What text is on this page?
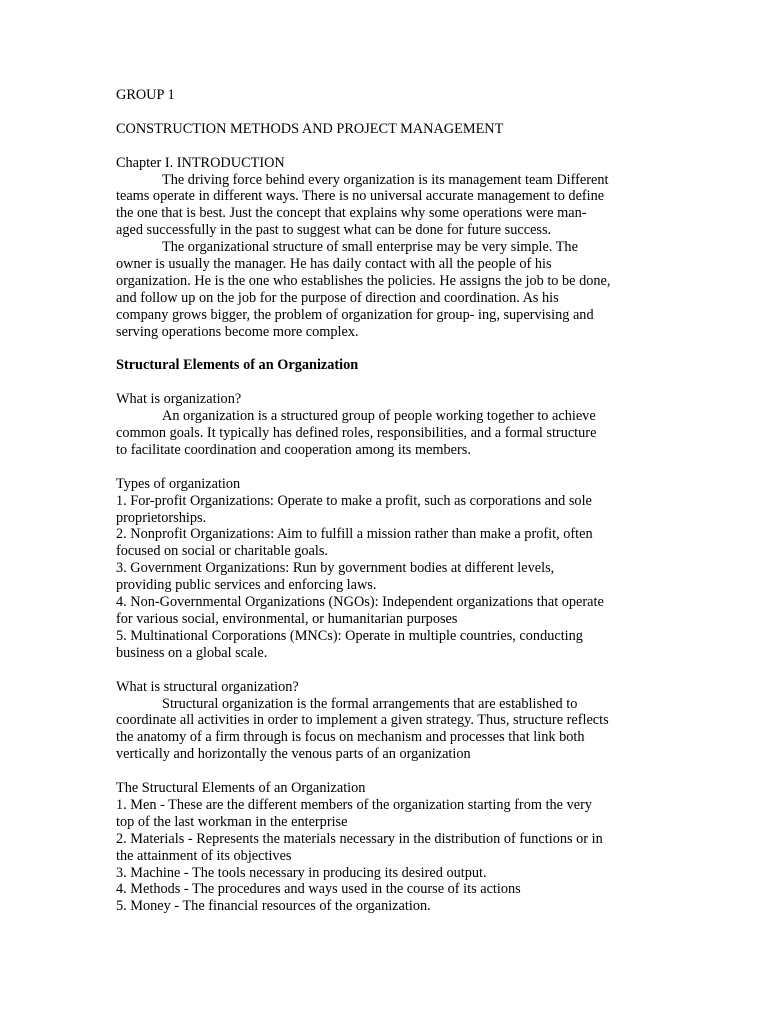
GROUP 1

CONSTRUCTION METHODS AND PROJECT MANAGEMENT

Chapter I. INTRODUCTION

The driving force behind every organization is its management team Different

teams operate in different ways. There is no universal accurate management to define

the one that is best. Just the concept that explains why some operations were man-

aged successfully in the past to suggest what can be done for future success.

The organizational structure of small enterprise may be very simple. The

owner is usually the manager. He has daily contact with all the people of his

organization. He is the one who establishes the policies. He assigns the job to be done,

and follow up on the job for the purpose of direction and coordination. As his

company grows bigger, the problem of organization for group- ing, supervising and

serving operations become more complex.

Structural Elements of an Organization

What is organization?

An organization is a structured group of people working together to achieve

common goals. It typically has defined roles, responsibilities, and a formal structure

to facilitate coordination and cooperation among its members.

Types of organization

1. For-profit Organizations: Operate to make a profit, such as corporations and sole

proprietorships.

2. Nonprofit Organizations: Aim to fulfill a mission rather than make a profit, often

focused on social or charitable goals.

3. Government Organizations: Run by government bodies at different levels,

providing public services and enforcing laws.

4. Non-Governmental Organizations (NGOs): Independent organizations that operate

for various social, environmental, or humanitarian purposes

5. Multinational Corporations (MNCs): Operate in multiple countries, conducting

business on a global scale.

What is structural organization?

Structural organization is the formal arrangements that are established to

coordinate all activities in order to implement a given strategy. Thus, structure reflects

the anatomy of a firm through is focus on mechanism and processes that link both

vertically and horizontally the venous parts of an organization

The Structural Elements of an Organization

1. Men - These are the different members of the organization starting from the very

top of the last workman in the enterprise

2. Materials - Represents the materials necessary in the distribution of functions or in

the attainment of its objectives

3. Machine - The tools necessary in producing its desired output.

4. Methods - The procedures and ways used in the course of its actions

5. Money - The financial resources of the organization.
